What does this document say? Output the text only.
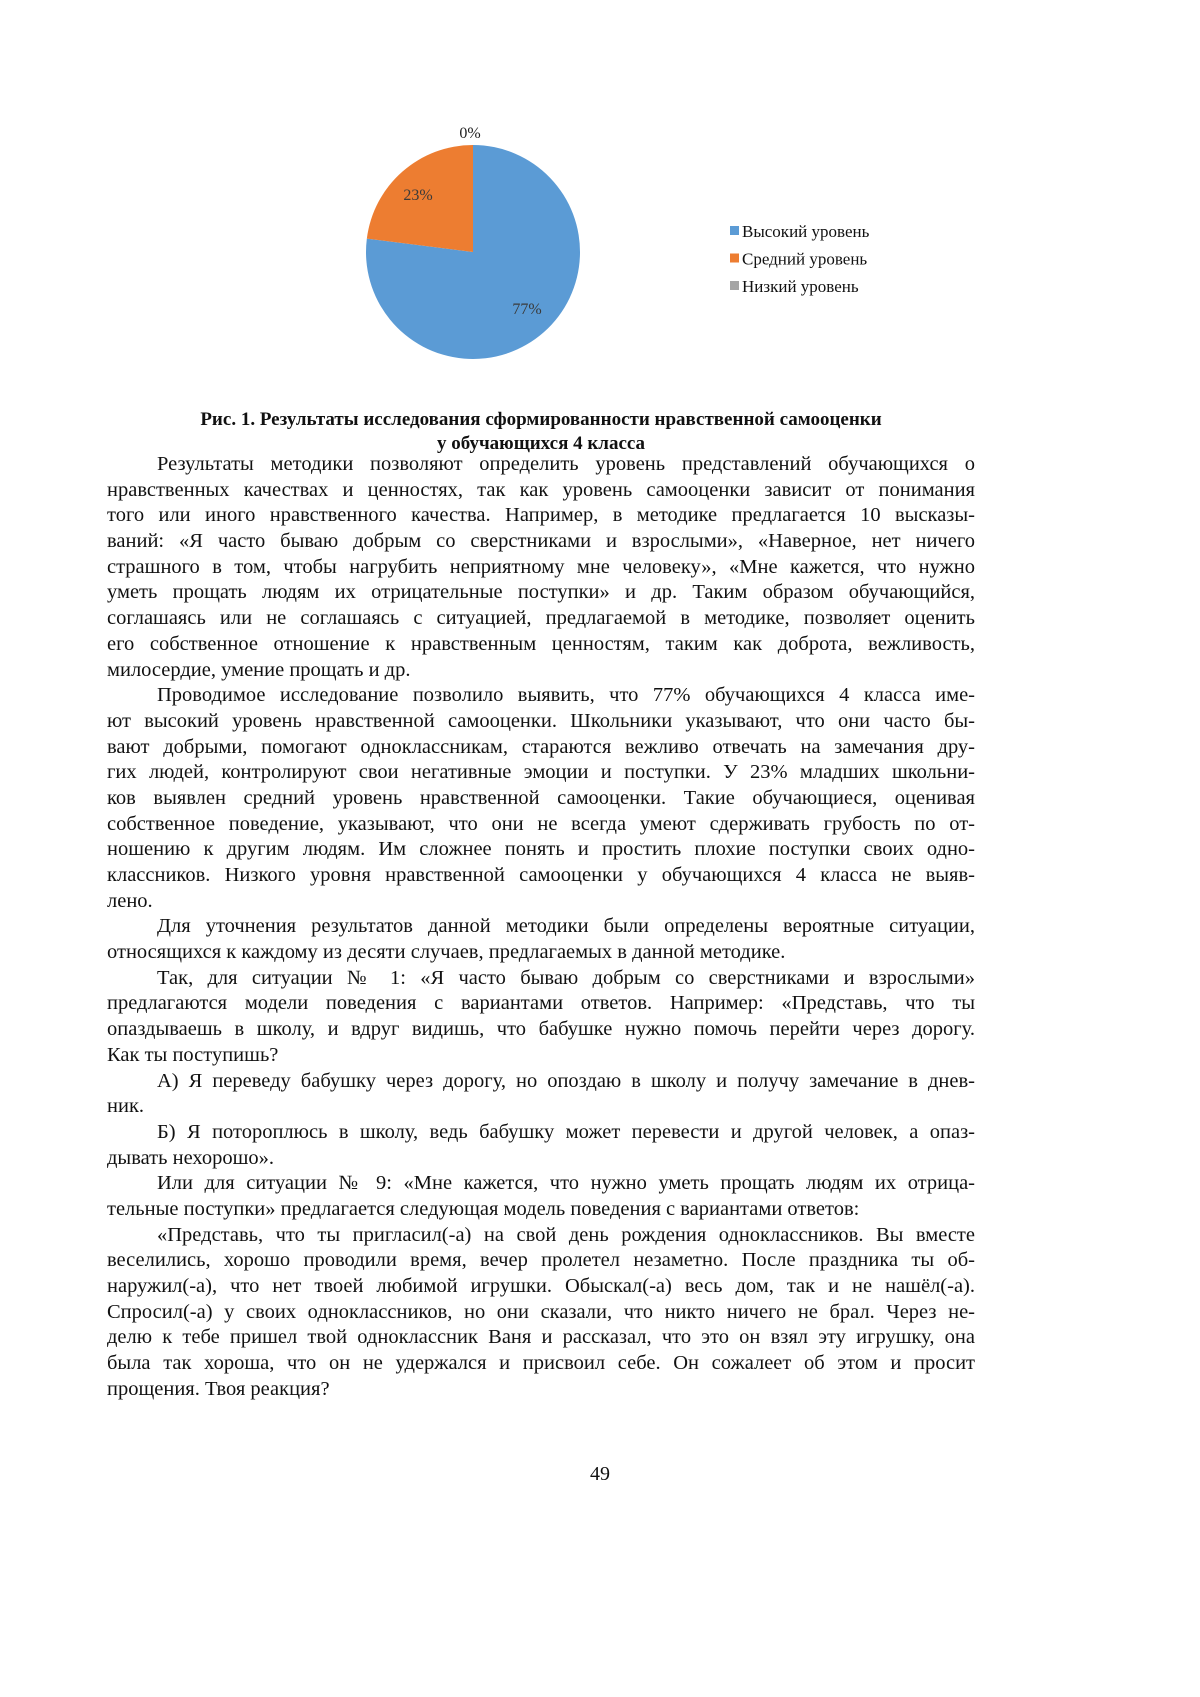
77%
23%
0%
Высокий уровень
Средний уровень
Низкий уровень
Рис. 1. Результаты исследования сформированности нравственной самооценки
у обучающихся 4 класса
Результаты методики позволяют определить уровень представлений обучающихся о
нравственных качествах и ценностях, так как уровень самооценки зависит от понимания
того или иного нравственного качества. Например, в методике предлагается 10 высказы-
ваний: «Я часто бываю добрым со сверстниками и взрослыми», «Наверное, нет ничего
страшного в том, чтобы нагрубить неприятному мне человеку», «Мне кажется, что нужно
уметь прощать людям их отрицательные поступки» и др. Таким образом обучающийся,
соглашаясь или не соглашаясь с ситуацией, предлагаемой в методике, позволяет оценить
его собственное отношение к нравственным ценностям, таким как доброта, вежливость,
милосердие, умение прощать и др.
Проводимое исследование позволило выявить, что 77% обучающихся 4 класса име-
ют высокий уровень нравственной самооценки. Школьники указывают, что они часто бы-
вают добрыми, помогают одноклассникам, стараются вежливо отвечать на замечания дру-
гих людей, контролируют свои негативные эмоции и поступки. У 23% младших школьни-
ков выявлен средний уровень нравственной самооценки. Такие обучающиеся, оценивая
собственное поведение, указывают, что они не всегда умеют сдерживать грубость по от-
ношению к другим людям. Им сложнее понять и простить плохие поступки своих одно-
классников. Низкого уровня нравственной самооценки у обучающихся 4 класса не выяв-
лено.
Для уточнения результатов данной методики были определены вероятные ситуации,
относящихся к каждому из десяти случаев, предлагаемых в данной методике.
Так, для ситуации № 1: «Я часто бываю добрым со сверстниками и взрослыми»
предлагаются модели поведения с вариантами ответов. Например: «Представь, что ты
опаздываешь в школу, и вдруг видишь, что бабушке нужно помочь перейти через дорогу.
Как ты поступишь?
А) Я переведу бабушку через дорогу, но опоздаю в школу и получу замечание в днев-
ник.
Б) Я потороплюсь в школу, ведь бабушку может перевести и другой человек, а опаз-
дывать нехорошо».
Или для ситуации № 9: «Мне кажется, что нужно уметь прощать людям их отрица-
тельные поступки» предлагается следующая модель поведения с вариантами ответов:
«Представь, что ты пригласил(-а) на свой день рождения одноклассников. Вы вместе
веселились, хорошо проводили время, вечер пролетел незаметно. После праздника ты об-
наружил(-а), что нет твоей любимой игрушки. Обыскал(-а) весь дом, так и не нашёл(-а).
Спросил(-а) у своих одноклассников, но они сказали, что никто ничего не брал. Через не-
делю к тебе пришел твой одноклассник Ваня и рассказал, что это он взял эту игрушку, она
была так хороша, что он не удержался и присвоил себе. Он сожалеет об этом и просит
прощения. Твоя реакция?
49
